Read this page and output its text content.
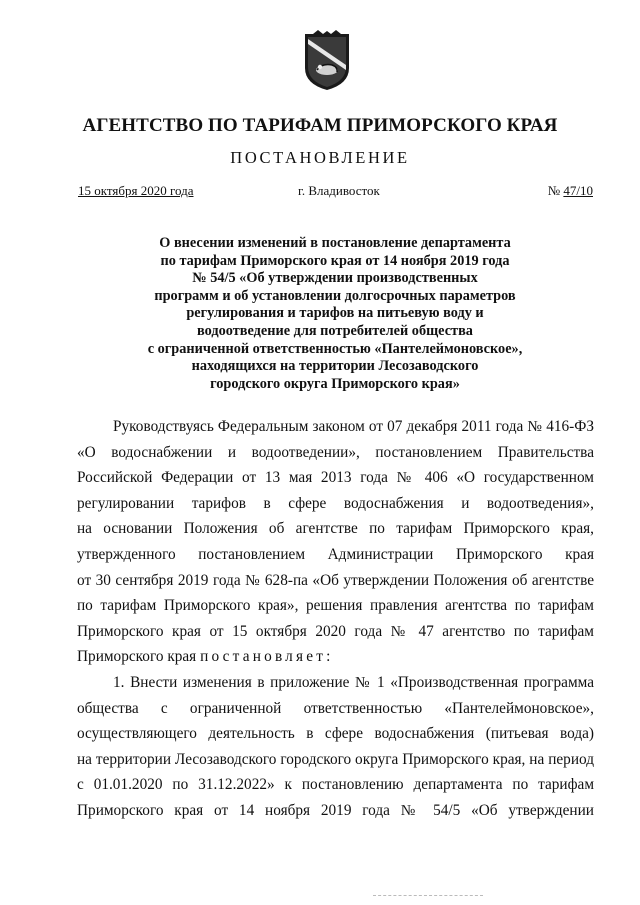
АГЕНТСТВО ПО ТАРИФАМ ПРИМОРСКОГО КРАЯ
ПОСТАНОВЛЕНИЕ
15 октября 2020 года	г. Владивосток	№ 47/10
О внесении изменений в постановление департамента
по тарифам Приморского края от 14 ноября 2019 года
№ 54/5 «Об утверждении производственных
программ и об установлении долгосрочных параметров
регулирования и тарифов на питьевую воду и
водоотведение для потребителей общества
с ограниченной ответственностью «Пантелеймоновское»,
находящихся на территории Лесозаводского
городского округа Приморского края»
Руководствуясь Федеральным законом от 07 декабря 2011 года № 416-ФЗ
«О водоснабжении и водоотведении», постановлением Правительства
Российской Федерации от 13 мая 2013 года № 406 «О государственном
регулировании тарифов в сфере водоснабжения и водоотведения»,
на основании Положения об агентстве по тарифам Приморского края,
утвержденного постановлением Администрации Приморского края
от 30 сентября 2019 года № 628-па «Об утверждении Положения об агентстве
по тарифам Приморского края», решения правления агентства по тарифам
Приморского края от 15 октября 2020 года № 47 агентство по тарифам
Приморского края постановляет:
1. Внести изменения в приложение № 1 «Производственная программа
общества с ограниченной ответственностью «Пантелеймоновское»,
осуществляющего деятельность в сфере водоснабжения (питьевая вода)
на территории Лесозаводского городского округа Приморского края, на период
с 01.01.2020 по 31.12.2022» к постановлению департамента по тарифам
Приморского края от 14 ноября 2019 года № 54/5 «Об утверждении
